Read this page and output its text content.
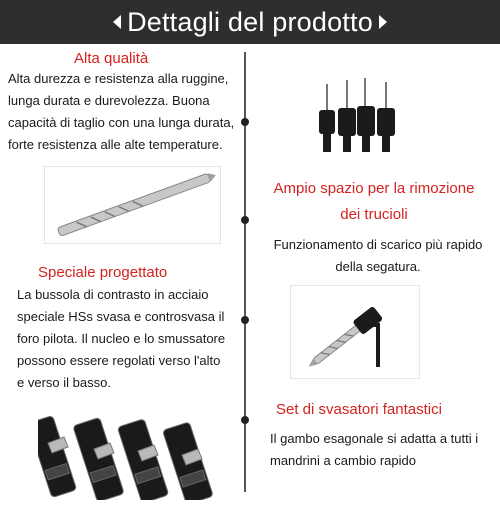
Dettagli del prodotto
Alta qualità
Alta durezza e resistenza alla ruggine,
lunga durata e durevolezza. Buona
capacità di taglio con una lunga durata,
forte resistenza alle alte temperature.
Ampio spazio per la rimozione
dei trucioli
Funzionamento di scarico più rapido
della segatura.
Speciale progettato
La bussola di contrasto in acciaio
speciale HSs svasa e controsvasa il
foro pilota. Il nucleo e lo smussatore
possono essere regolati verso l'alto
e verso il basso.
Set di svasatori fantastici
Il gambo esagonale si adatta a tutti i
mandrini a cambio rapido
